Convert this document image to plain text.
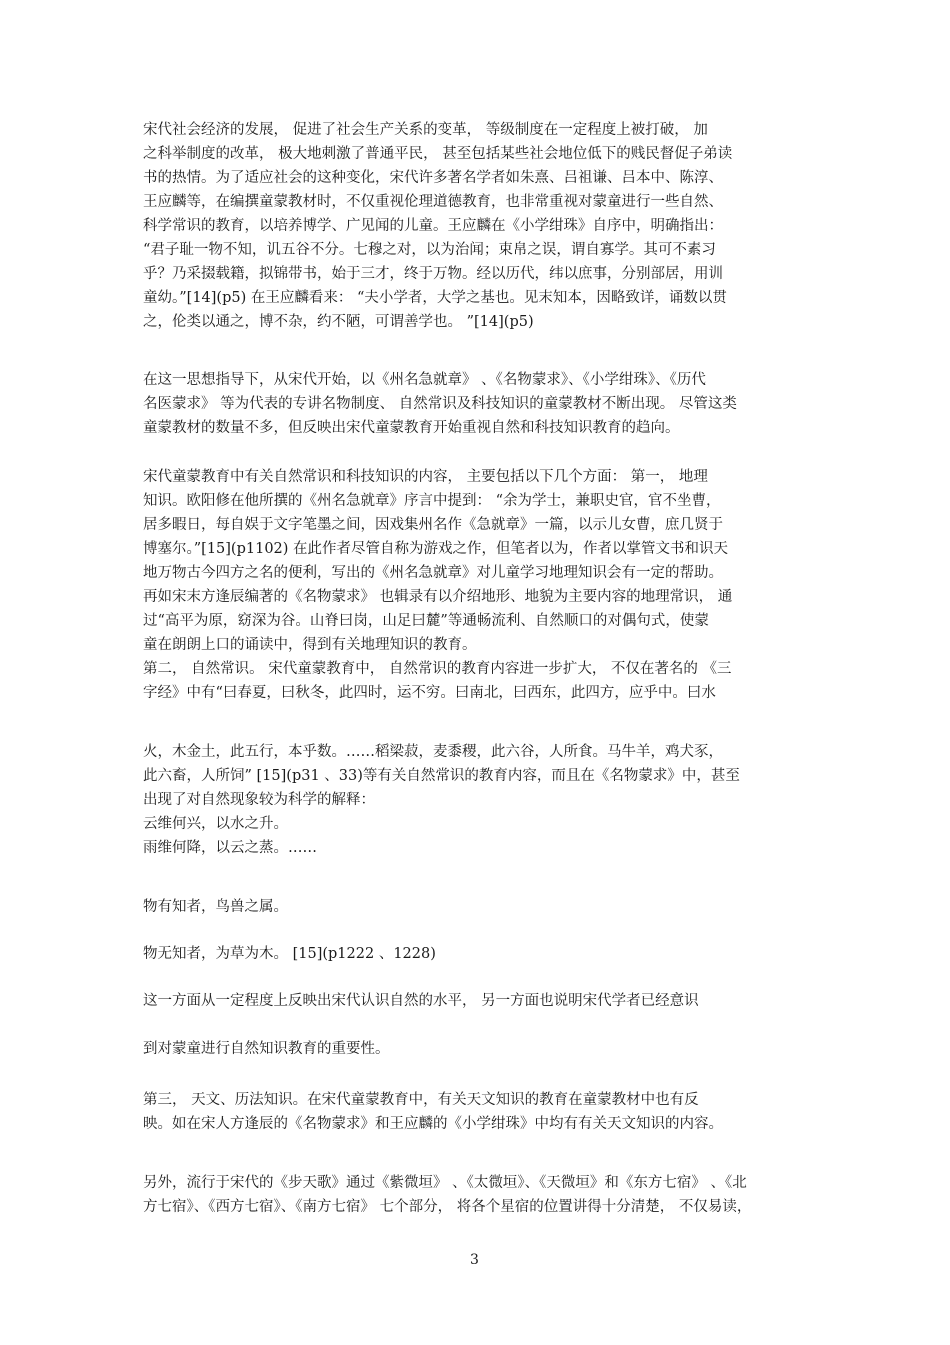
宋代社会经济的发展， 促进了社会生产关系的变革， 等级制度在一定程度上被打破， 加
之科举制度的改革， 极大地刺激了普通平民， 甚至包括某些社会地位低下的贱民督促子弟读
书的热情。为了适应社会的这种变化，宋代许多著名学者如朱熹、吕祖谦、吕本中、陈淳、
王应麟等，在编撰童蒙教材时，不仅重视伦理道德教育，也非常重视对蒙童进行一些自然、
科学常识的教育，以培养博学、广见闻的儿童。王应麟在《小学绀珠》自序中，明确指出：
“君子耻一物不知，讥五谷不分。七穆之对，以为治闻；束帛之误，谓自寡学。其可不素习
乎？乃采掇载籍，拟锦带书，始于三才，终于万物。经以历代，纬以庶事，分别部居，用训
童幼。”[14](p5) 在王应麟看来： “夫小学者，大学之基也。见末知本，因略致详，诵数以贯
之，伦类以通之，博不杂，约不陋，可谓善学也。 ”[14](p5)
在这一思想指导下，从宋代开始，以《州名急就章》 、《名物蒙求》、《小学绀珠》、《历代
名医蒙求》 等为代表的专讲名物制度、 自然常识及科技知识的童蒙教材不断出现。 尽管这类
童蒙教材的数量不多，但反映出宋代童蒙教育开始重视自然和科技知识教育的趋向。
宋代童蒙教育中有关自然常识和科技知识的内容， 主要包括以下几个方面： 第一， 地理
知识。欧阳修在他所撰的《州名急就章》序言中提到： “余为学士，兼职史官，官不坐曹，
居多暇日，每自娱于文字笔墨之间，因戏集州名作《急就章》一篇，以示儿女曹，庶几贤于
博塞尔。”[15](p1102) 在此作者尽管自称为游戏之作，但笔者以为，作者以掌管文书和识天
地万物古今四方之名的便利，写出的《州名急就章》对儿童学习地理知识会有一定的帮助。
再如宋末方逢辰编著的《名物蒙求》 也辑录有以介绍地形、地貌为主要内容的地理常识， 通
过“高平为原，窈深为谷。山脊曰岗，山足曰麓”等通畅流利、自然顺口的对偶句式，使蒙
童在朗朗上口的诵读中，得到有关地理知识的教育。
第二， 自然常识。 宋代童蒙教育中， 自然常识的教育内容进一步扩大， 不仅在著名的 《三
字经》中有“曰春夏，曰秋冬，此四时，运不穷。曰南北，曰西东，此四方，应乎中。曰水
火，木金土，此五行，本乎数。……稻梁菽，麦黍稷，此六谷，人所食。马牛羊，鸡犬豕，
此六畜，人所饲” [15](p31 、33)等有关自然常识的教育内容，而且在《名物蒙求》中，甚至
出现了对自然现象较为科学的解释：
云维何兴，以水之升。
雨维何降，以云之蒸。……
物有知者，鸟兽之属。
物无知者，为草为木。 [15](p1222 、1228)
这一方面从一定程度上反映出宋代认识自然的水平， 另一方面也说明宋代学者已经意识
到对蒙童进行自然知识教育的重要性。
第三， 天文、历法知识。在宋代童蒙教育中，有关天文知识的教育在童蒙教材中也有反
映。如在宋人方逢辰的《名物蒙求》和王应麟的《小学绀珠》中均有有关天文知识的内容。
另外，流行于宋代的《步天歌》通过《紫微垣》 、《太微垣》、《天微垣》和《东方七宿》 、《北
方七宿》、《西方七宿》、《南方七宿》 七个部分， 将各个星宿的位置讲得十分清楚， 不仅易读，
3
